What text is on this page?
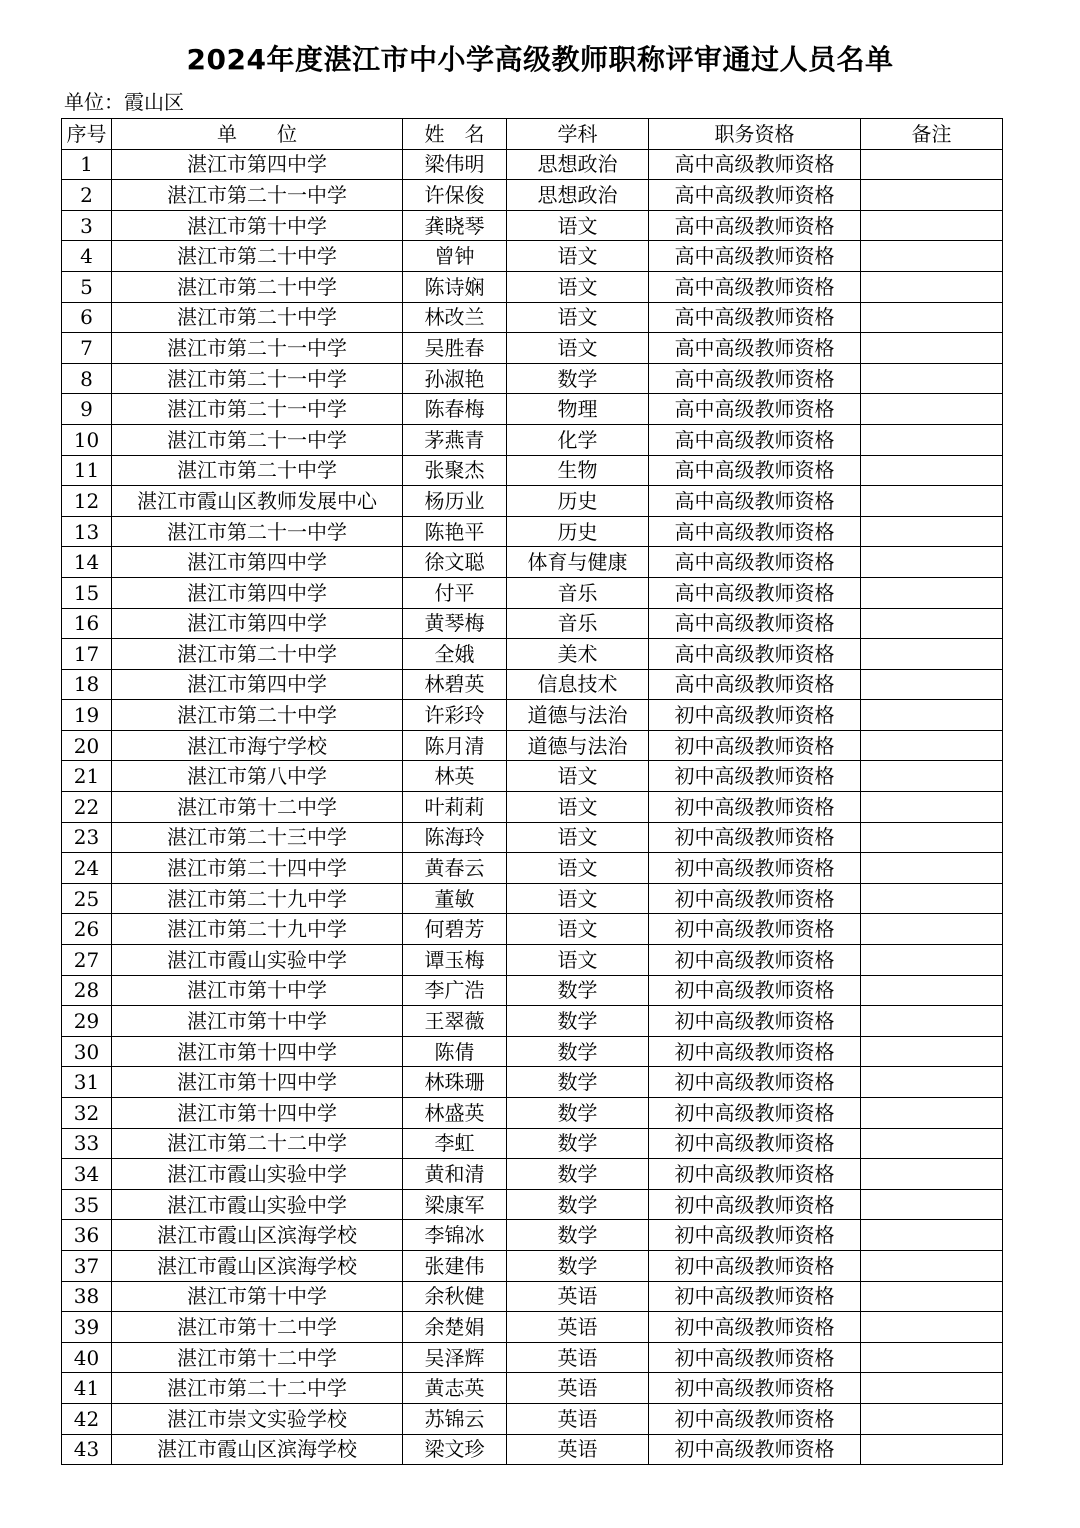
2024年度湛江市中小学高级教师职称评审通过人员名单
单位：霞山区
序号	单　　位	姓　名	学科	职务资格	备注
1	湛江市第四中学	梁伟明	思想政治	高中高级教师资格	
2	湛江市第二十一中学	许保俊	思想政治	高中高级教师资格	
3	湛江市第十中学	龚晓琴	语文	高中高级教师资格	
4	湛江市第二十中学	曾钟	语文	高中高级教师资格	
5	湛江市第二十中学	陈诗娴	语文	高中高级教师资格	
6	湛江市第二十中学	林改兰	语文	高中高级教师资格	
7	湛江市第二十一中学	吴胜春	语文	高中高级教师资格	
8	湛江市第二十一中学	孙淑艳	数学	高中高级教师资格	
9	湛江市第二十一中学	陈春梅	物理	高中高级教师资格	
10	湛江市第二十一中学	茅燕青	化学	高中高级教师资格	
11	湛江市第二十中学	张聚杰	生物	高中高级教师资格	
12	湛江市霞山区教师发展中心	杨历业	历史	高中高级教师资格	
13	湛江市第二十一中学	陈艳平	历史	高中高级教师资格	
14	湛江市第四中学	徐文聪	体育与健康	高中高级教师资格	
15	湛江市第四中学	付平	音乐	高中高级教师资格	
16	湛江市第四中学	黄琴梅	音乐	高中高级教师资格	
17	湛江市第二十中学	全娥	美术	高中高级教师资格	
18	湛江市第四中学	林碧英	信息技术	高中高级教师资格	
19	湛江市第二十中学	许彩玲	道德与法治	初中高级教师资格	
20	湛江市海宁学校	陈月清	道德与法治	初中高级教师资格	
21	湛江市第八中学	林英	语文	初中高级教师资格	
22	湛江市第十二中学	叶莉莉	语文	初中高级教师资格	
23	湛江市第二十三中学	陈海玲	语文	初中高级教师资格	
24	湛江市第二十四中学	黄春云	语文	初中高级教师资格	
25	湛江市第二十九中学	董敏	语文	初中高级教师资格	
26	湛江市第二十九中学	何碧芳	语文	初中高级教师资格	
27	湛江市霞山实验中学	谭玉梅	语文	初中高级教师资格	
28	湛江市第十中学	李广浩	数学	初中高级教师资格	
29	湛江市第十中学	王翠薇	数学	初中高级教师资格	
30	湛江市第十四中学	陈倩	数学	初中高级教师资格	
31	湛江市第十四中学	林珠珊	数学	初中高级教师资格	
32	湛江市第十四中学	林盛英	数学	初中高级教师资格	
33	湛江市第二十二中学	李虹	数学	初中高级教师资格	
34	湛江市霞山实验中学	黄和清	数学	初中高级教师资格	
35	湛江市霞山实验中学	梁康军	数学	初中高级教师资格	
36	湛江市霞山区滨海学校	李锦冰	数学	初中高级教师资格	
37	湛江市霞山区滨海学校	张建伟	数学	初中高级教师资格	
38	湛江市第十中学	余秋健	英语	初中高级教师资格	
39	湛江市第十二中学	余楚娟	英语	初中高级教师资格	
40	湛江市第十二中学	吴泽辉	英语	初中高级教师资格	
41	湛江市第二十二中学	黄志英	英语	初中高级教师资格	
42	湛江市崇文实验学校	苏锦云	英语	初中高级教师资格	
43	湛江市霞山区滨海学校	梁文珍	英语	初中高级教师资格	
